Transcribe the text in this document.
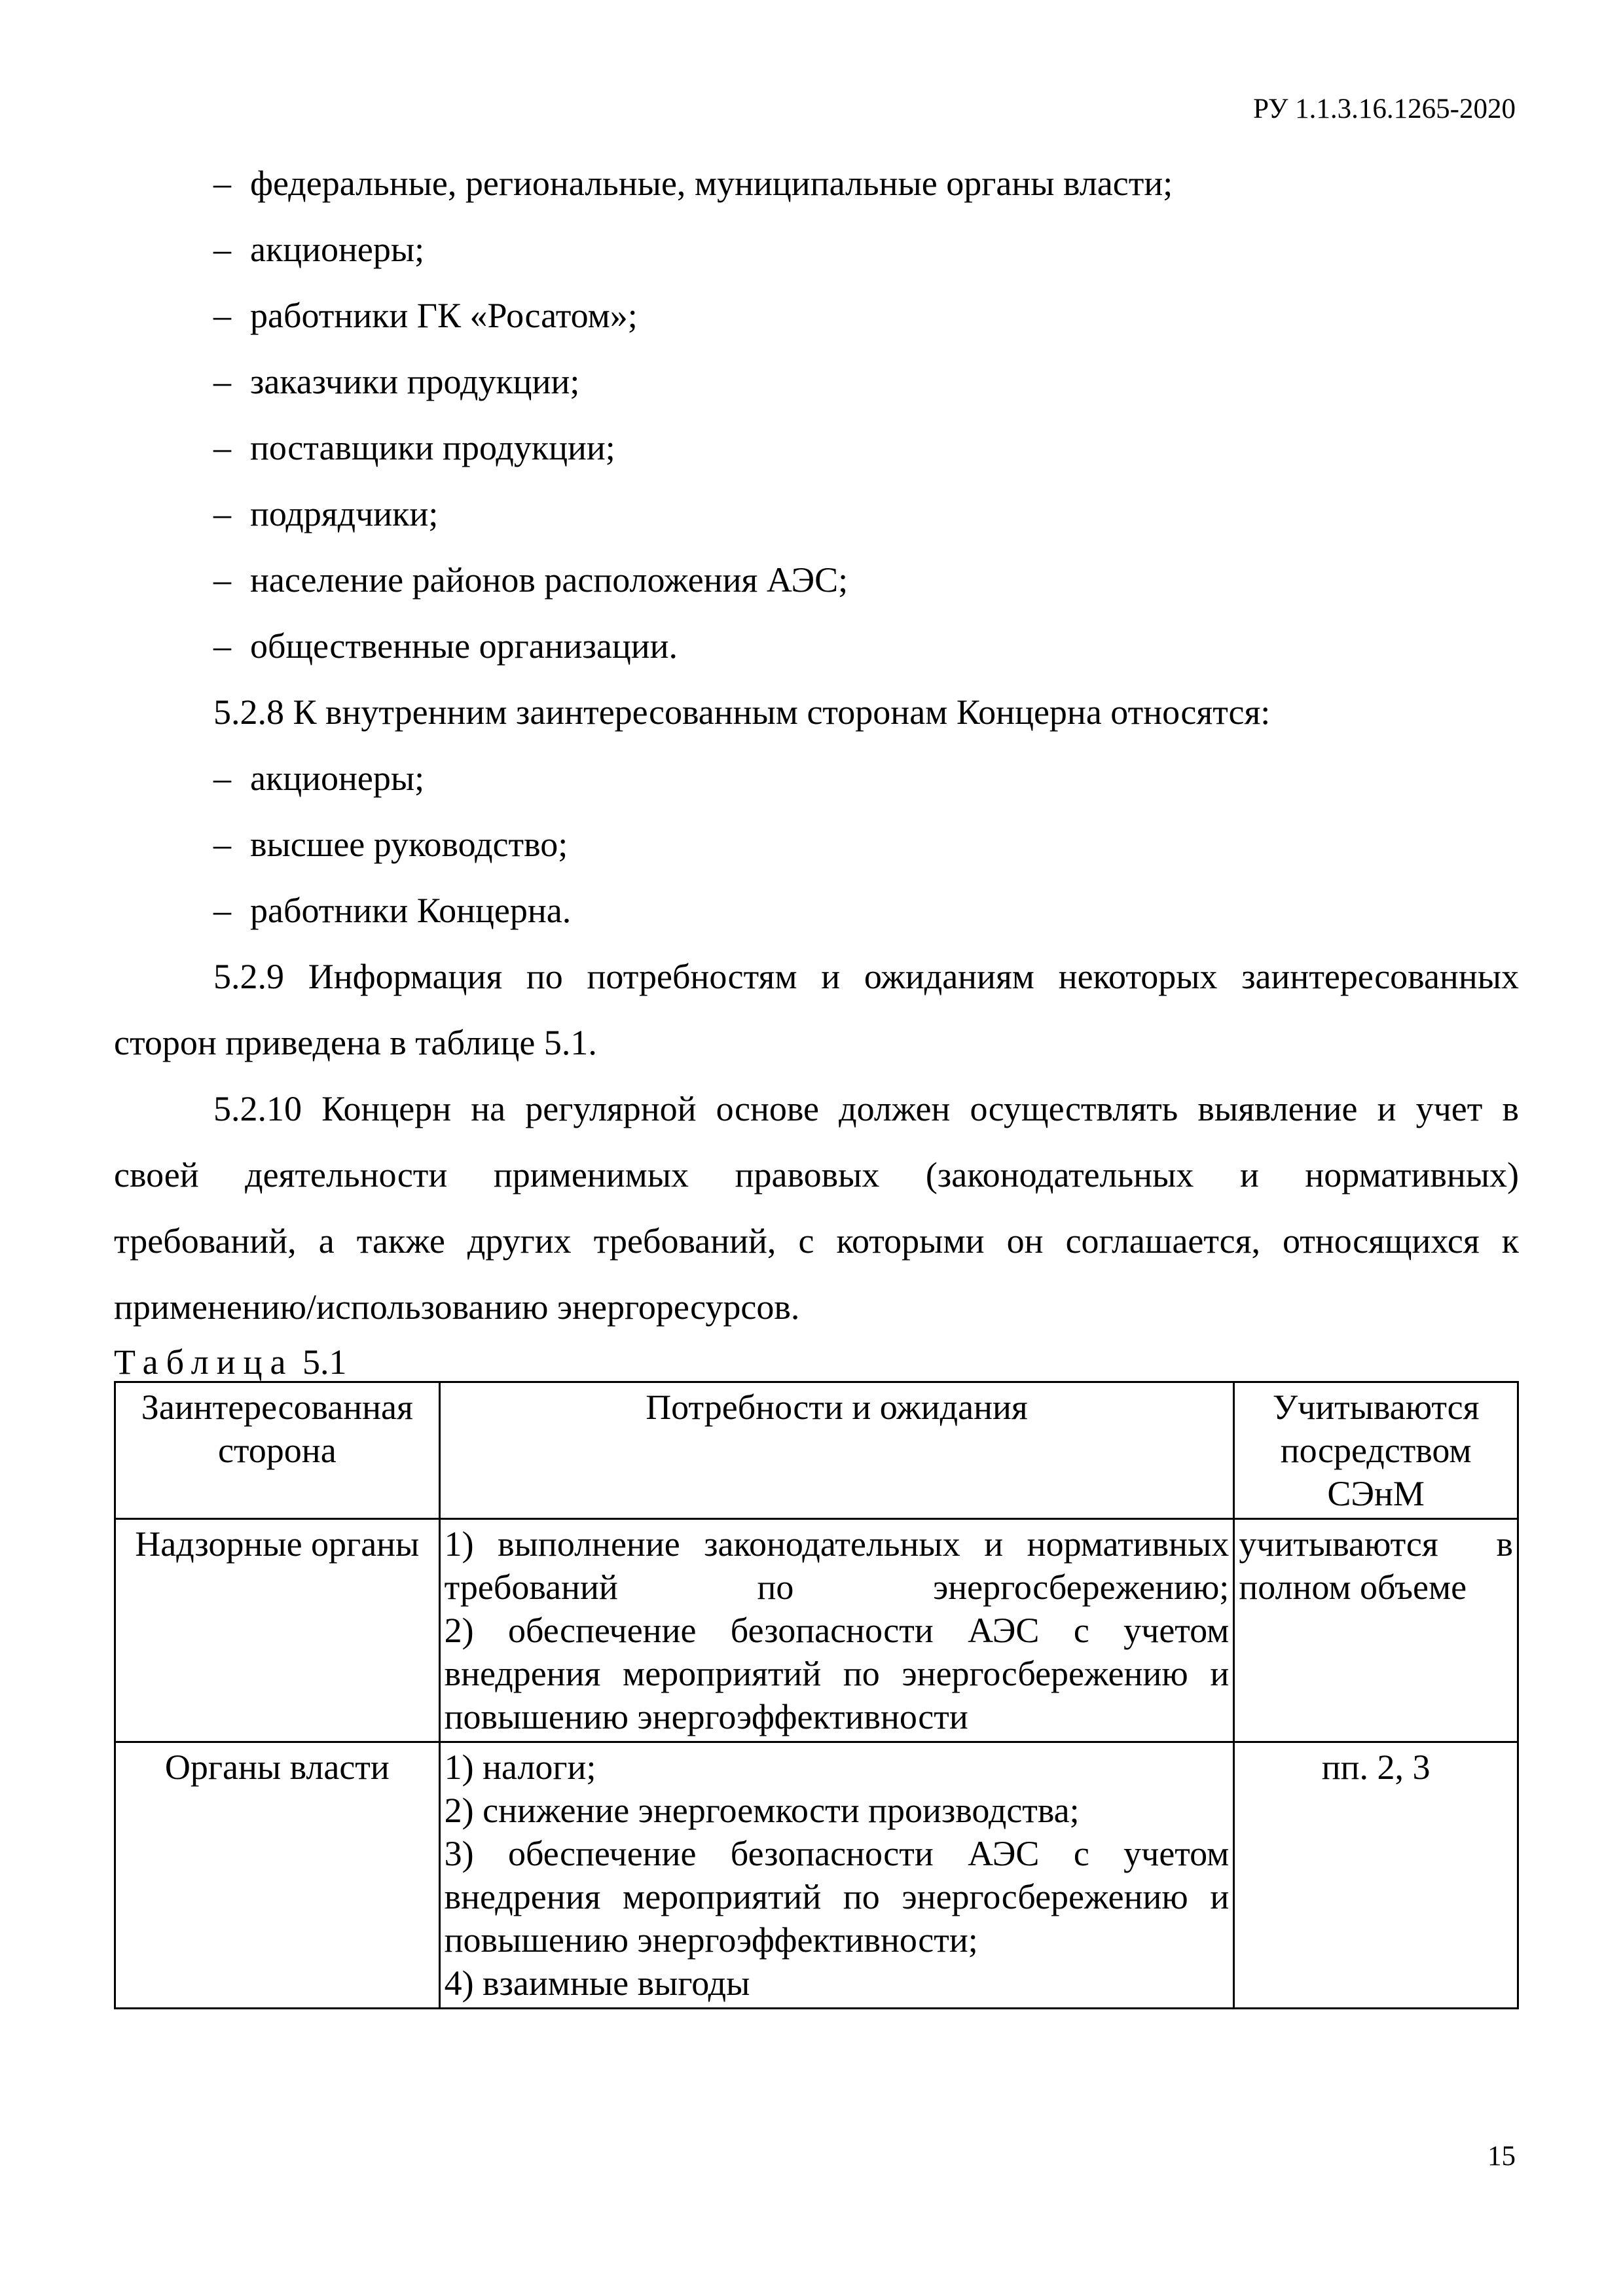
РУ 1.1.3.16.1265-2020
– федеральные, региональные, муниципальные органы власти;
– акционеры;
– работники ГК «Росатом»;
– заказчики продукции;
– поставщики продукции;
– подрядчики;
– население районов расположения АЭС;
– общественные организации.
5.2.8 К внутренним заинтересованным сторонам Концерна относятся:
– акционеры;
– высшее руководство;
– работники Концерна.
5.2.9 Информация по потребностям и ожиданиям некоторых заинтересованных
сторон приведена в таблице 5.1.
5.2.10 Концерн на регулярной основе должен осуществлять выявление и учет в
своей деятельности применимых правовых (законодательных и нормативных)
требований, а также других требований, с которыми он соглашается, относящихся к
применению/использованию энергоресурсов.
Таблица 5.1
Заинтересованная сторона	Потребности и ожидания	Учитываются посредством СЭнМ
Надзорные органы	1) выполнение законодательных и нормативных требований по энергосбережению;
2) обеспечение безопасности АЭС с учетом внедрения мероприятий по энергосбережению и повышению энергоэффективности	учитываются в полном объеме
Органы власти	1) налоги;
2) снижение энергоемкости производства;
3) обеспечение безопасности АЭС с учетом внедрения мероприятий по энергосбережению и повышению энергоэффективности;
4) взаимные выгоды	пп. 2, 3
15
